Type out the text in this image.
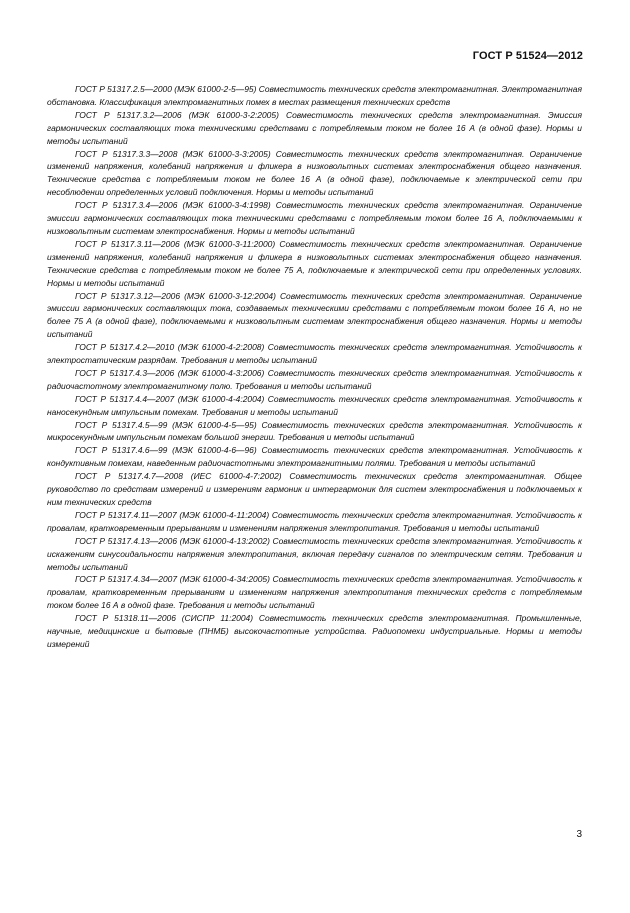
ГОСТ Р 51524—2012

ГОСТ Р 51317.2.5—2000 (МЭК 61000-2-5—95) Совместимость технических средств электромагнитная. Электромагнитная обстановка. Классификация электромагнитных помех в местах размещения технических средств

ГОСТ Р 51317.3.2—2006 (МЭК 61000-3-2:2005) Совместимость технических средств электромагнитная. Эмиссия гармонических составляющих тока техническими средствами с потребляемым током не более 16 А (в одной фазе). Нормы и методы испытаний

ГОСТ Р 51317.3.3—2008 (МЭК 61000-3-3:2005) Совместимость технических средств электромагнитная. Ограничение изменений напряжения, колебаний напряжения и фликера в низковольтных системах электроснабжения общего назначения. Технические средства с потребляемым током не более 16 А (в одной фазе), подключаемые к электрической сети при несоблюдении определенных условий подключения. Нормы и методы испытаний

ГОСТ Р 51317.3.4—2006 (МЭК 61000-3-4:1998) Совместимость технических средств электромагнитная. Ограничение эмиссии гармонических составляющих тока техническими средствами с потребляемым током более 16 А, подключаемыми к низковольтным системам электроснабжения. Нормы и методы испытаний

ГОСТ Р 51317.3.11—2006 (МЭК 61000-3-11:2000) Совместимость технических средств электромагнитная. Ограничение изменений напряжения, колебаний напряжения и фликера в низковольтных системах электроснабжения общего назначения. Технические средства с потребляемым током не более 75 А, подключаемые к электрической сети при определенных условиях. Нормы и методы испытаний

ГОСТ Р 51317.3.12—2006 (МЭК 61000-3-12:2004) Совместимость технических средств электромагнитная. Ограничение эмиссии гармонических составляющих тока, создаваемых техническими средствами с потребляемым током более 16 А, но не более 75 А (в одной фазе), подключаемыми к низковольтным системам электроснабжения общего назначения. Нормы и методы испытаний

ГОСТ Р 51317.4.2—2010 (МЭК 61000-4-2:2008) Совместимость технических средств электромагнитная. Устойчивость к электростатическим разрядам. Требования и методы испытаний

ГОСТ Р 51317.4.3—2006 (МЭК 61000-4-3:2006) Совместимость технических средств электромагнитная. Устойчивость к радиочастотному электромагнитному полю. Требования и методы испытаний

ГОСТ Р 51317.4.4—2007 (МЭК 61000-4-4:2004) Совместимость технических средств электромагнитная. Устойчивость к наносекундным импульсным помехам. Требования и методы испытаний

ГОСТ Р 51317.4.5—99 (МЭК 61000-4-5—95) Совместимость технических средств электромагнитная. Устойчивость к микросекундным импульсным помехам большой энергии. Требования и методы испытаний

ГОСТ Р 51317.4.6—99 (МЭК 61000-4-6—96) Совместимость технических средств электромагнитная. Устойчивость к кондуктивным помехам, наведенным радиочастотными электромагнитными полями. Требования и методы испытаний

ГОСТ Р 51317.4.7—2008 (ИЕС 61000-4-7:2002) Совместимость технических средств электромагнитная. Общее руководство по средствам измерений и измерениям гармоник и интергармоник для систем электроснабжения и подключаемых к ним технических средств

ГОСТ Р 51317.4.11—2007 (МЭК 61000-4-11:2004) Совместимость технических средств электромагнитная. Устойчивость к провалам, кратковременным прерываниям и изменениям напряжения электропитания. Требования и методы испытаний

ГОСТ Р 51317.4.13—2006 (МЭК 61000-4-13:2002) Совместимость технических средств электромагнитная. Устойчивость к искажениям синусоидальности напряжения электропитания, включая передачу сигналов по электрическим сетям. Требования и методы испытаний

ГОСТ Р 51317.4.34—2007 (МЭК 61000-4-34:2005) Совместимость технических средств электромагнитная. Устойчивость к провалам, кратковременным прерываниям и изменениям напряжения электропитания технических средств с потребляемым током более 16 А в одной фазе. Требования и методы испытаний

ГОСТ Р 51318.11—2006 (СИСПР 11:2004) Совместимость технических средств электромагнитная. Промышленные, научные, медицинские и бытовые (ПНМБ) высокочастотные устройства. Радиопомехи индустриальные. Нормы и методы измерений

3
